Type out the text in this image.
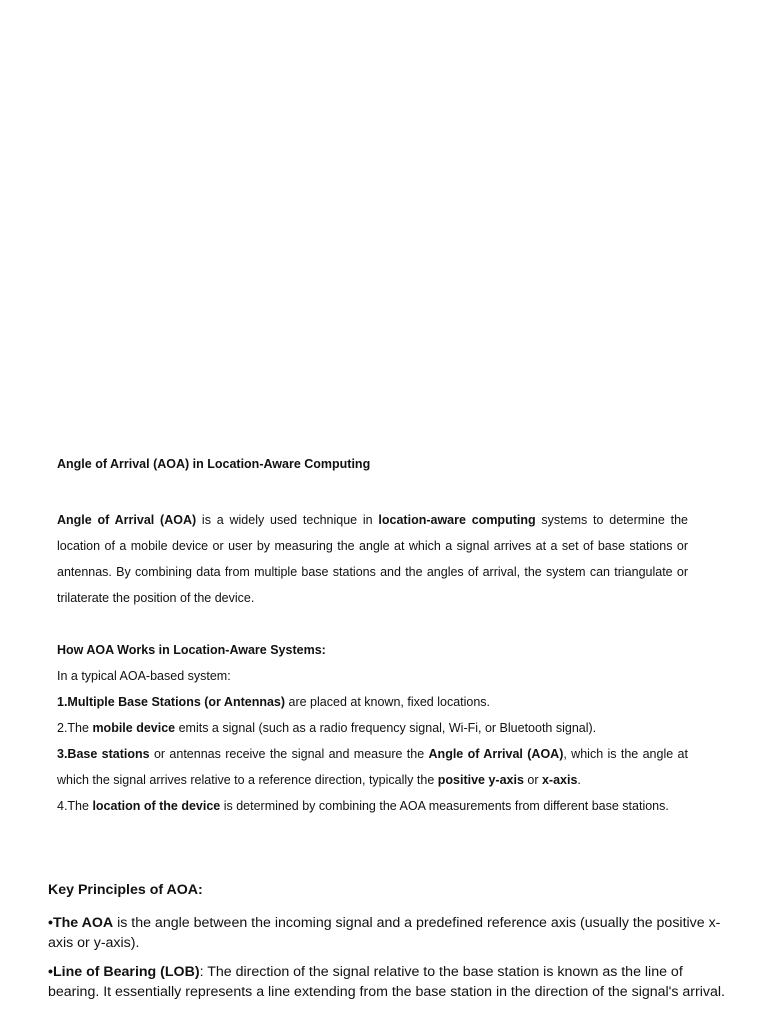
Angle of Arrival (AOA) in Location-Aware Computing

Angle of Arrival (AOA) is a widely used technique in location-aware computing systems to determine the location of a mobile device or user by measuring the angle at which a signal arrives at a set of base stations or antennas. By combining data from multiple base stations and the angles of arrival, the system can triangulate or trilaterate the position of the device.

How AOA Works in Location-Aware Systems:

In a typical AOA-based system:

1.Multiple Base Stations (or Antennas) are placed at known, fixed locations.

2.The mobile device emits a signal (such as a radio frequency signal, Wi-Fi, or Bluetooth signal).

3.Base stations or antennas receive the signal and measure the Angle of Arrival (AOA), which is the angle at which the signal arrives relative to a reference direction, typically the positive y-axis or x-axis.

4.The location of the device is determined by combining the AOA measurements from different base stations.

Key Principles of AOA:

•The AOA is the angle between the incoming signal and a predefined reference axis (usually the positive x-axis or y-axis).

•Line of Bearing (LOB): The direction of the signal relative to the base station is known as the line of bearing. It essentially represents a line extending from the base station in the direction of the signal's arrival.
